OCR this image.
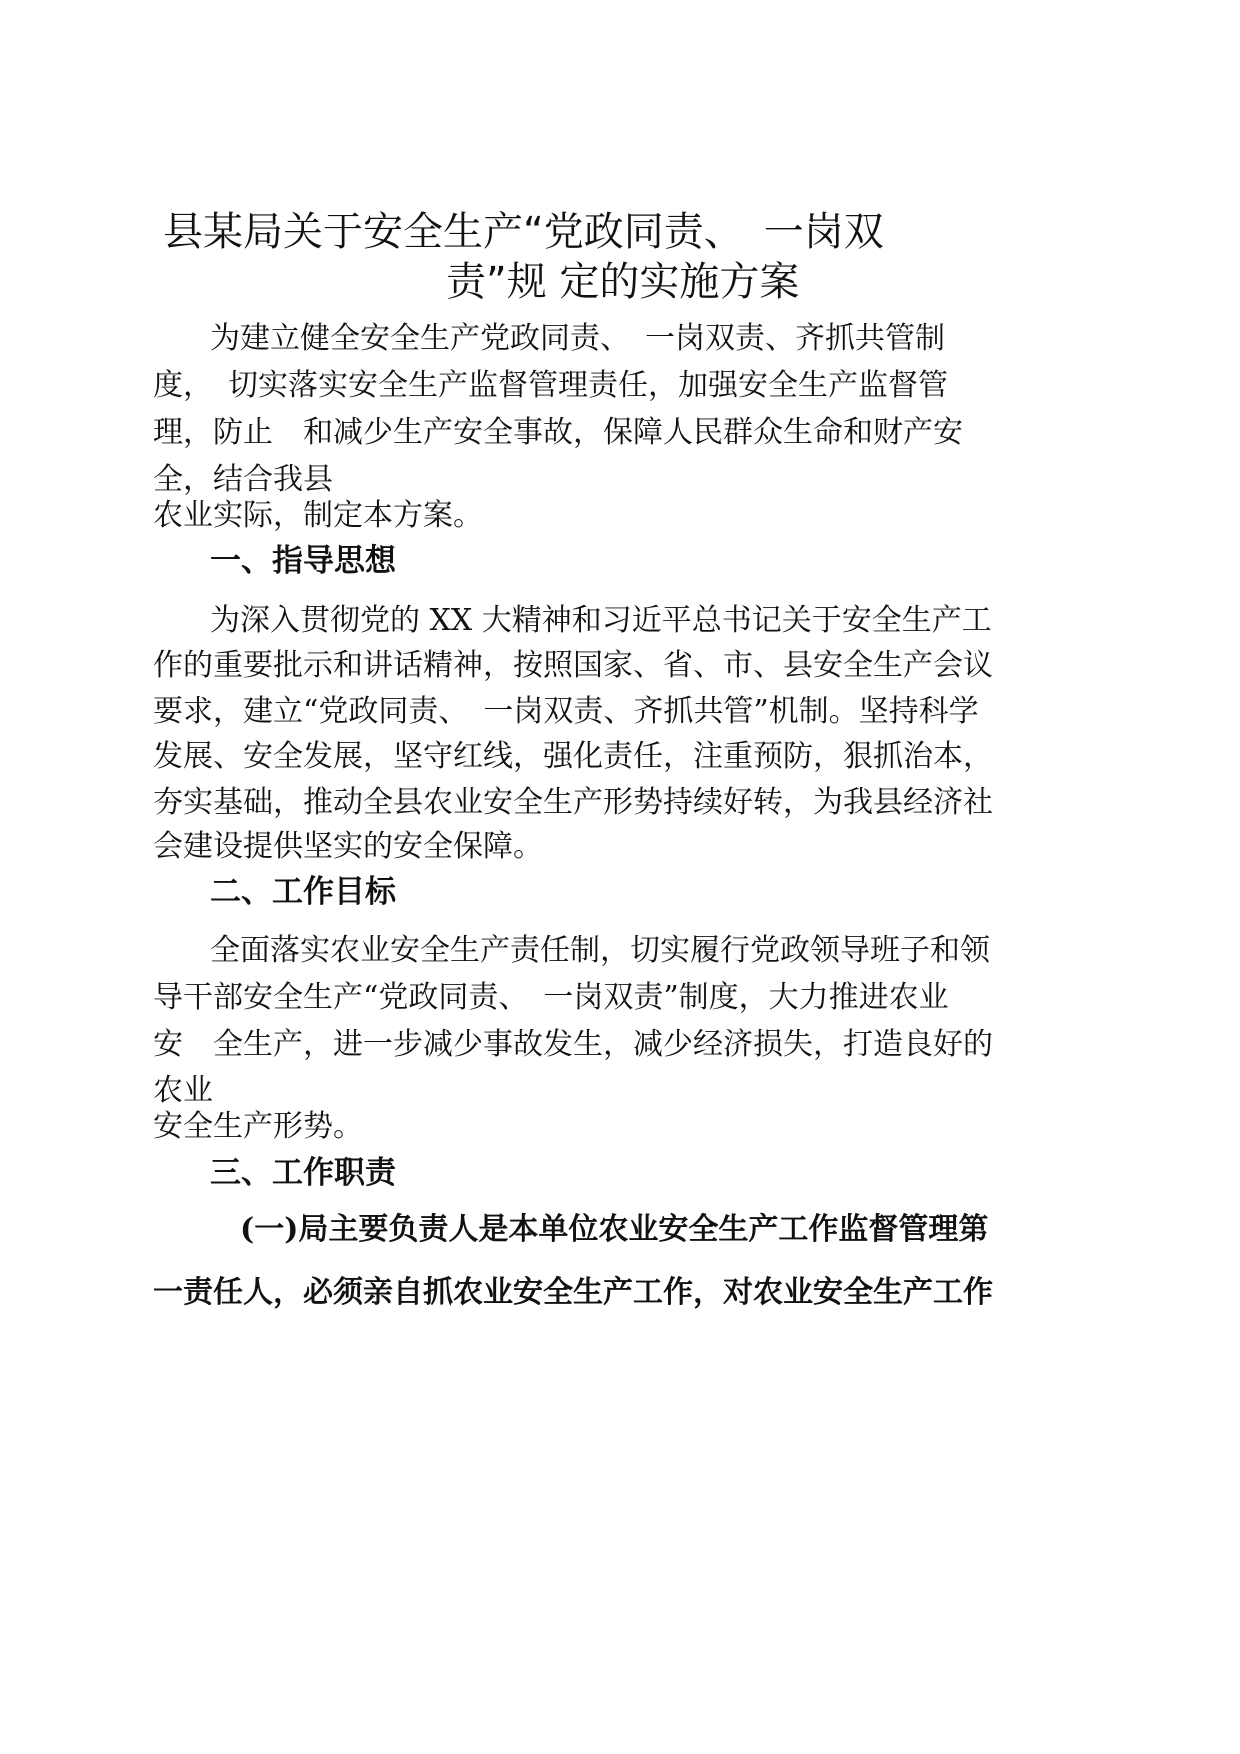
县某局关于安全生产“党政同责、　一岗双
责”规 定的实施方案
为建立健全安全生产党政同责、　一岗双责、齐抓共管制
度，　切实落实安全生产监督管理责任，加强安全生产监督管
理，防止　和减少生产安全事故，保障人民群众生命和财产安
全，结合我县
农业实际，制定本方案。
一、指导思想
为深入贯彻党的 XX 大精神和习近平总书记关于安全生产工
作的重要批示和讲话精神，按照国家、省、市、县安全生产会议
要求，建立“党政同责、　一岗双责、齐抓共管”机制。坚持科学
发展、安全发展，坚守红线，强化责任，注重预防，狠抓治本，
夯实基础，推动全县农业安全生产形势持续好转，为我县经济社
会建设提供坚实的安全保障。
二、工作目标
全面落实农业安全生产责任制，切实履行党政领导班子和领
导干部安全生产“党政同责、　一岗双责”制度，大力推进农业
安　全生产，进一步减少事故发生，减少经济损失，打造良好的
农业
安全生产形势。
三、工作职责
(一)局主要负责人是本单位农业安全生产工作监督管理第
一责任人，必须亲自抓农业安全生产工作，对农业安全生产工作
